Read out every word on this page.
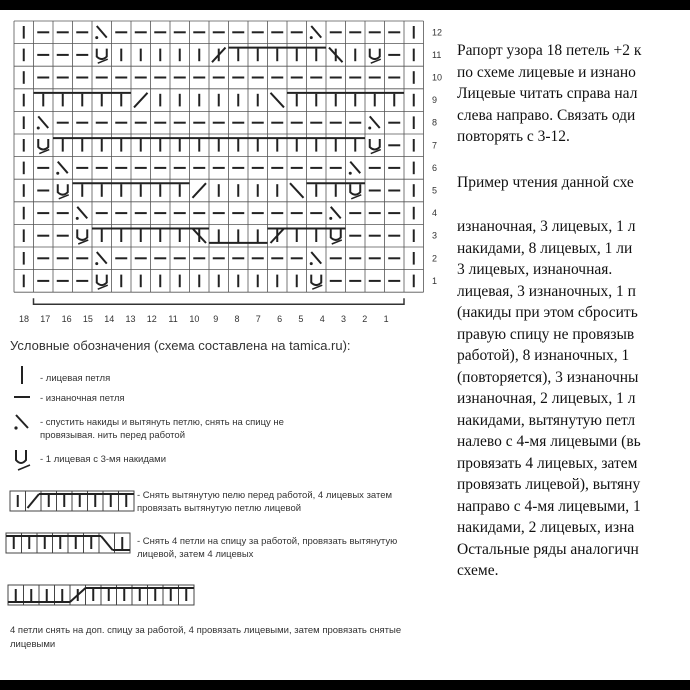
12
11
10
9
8
7
6
5
4
3
2
1
18 17 16 15 14 13 12 11 10 9 8 7 6 5 4 3 2 1
Условные обозначения (схема составлена на tamica.ru):
- лицевая петля
- изнаночная петля
- спустить накиды и вытянуть петлю, снять на спицу не провязывая. нить перед работой
- 1 лицевая с 3-мя накидами
- Снять вытянутую пелю перед работой, 4 лицевых затем провязать вытянутую петлю лицевой
- Снять 4 петли на спицу за работой, провязать вытянутую лицевой, затем 4 лицевых
4 петли снять на доп. спицу за работой, 4 провязать лицевыми, затем провязать снятые лицевыми
Рапорт узора 18 петель +2 к
по схеме лицевые и изнано
Лицевые читать справа нал
слева направо. Связать оди
повторять с 3-12.
Пример чтения данной схе
изнаночная, 3 лицевых, 1 л
накидами, 8 лицевых, 1 ли
3 лицевых, изнаночная.
лицевая, 3 изнаночных, 1 п
(накиды при этом сбросить
правую спицу не провязыв
работой), 8 изнаночных, 1
(повторяется), 3 изнаночны
изнаночная, 2 лицевых, 1 л
накидами, вытянутую петл
налево с 4-мя лицевыми (вь
провязать 4 лицевых, затем
провязать лицевой), вытяну
направо с 4-мя лицевыми, 1
накидами, 2 лицевых, изна
Остальные ряды аналогичн
схеме.
